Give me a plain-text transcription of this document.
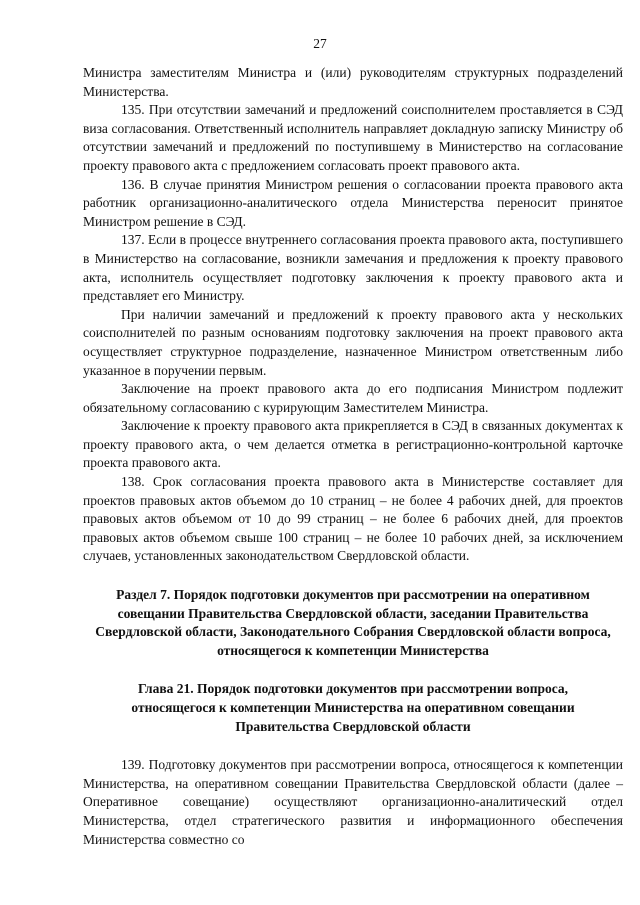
27

Министра заместителям Министра и (или) руководителям структурных подразделений Министерства.

135. При отсутствии замечаний и предложений соисполнителем проставляется в СЭД виза согласования. Ответственный исполнитель направляет докладную записку Министру об отсутствии замечаний и предложений по поступившему в Министерство на согласование проекту правового акта с предложением согласовать проект правового акта.

136. В случае принятия Министром решения о согласовании проекта правового акта работник организационно-аналитического отдела Министерства переносит принятое Министром решение в СЭД.

137. Если в процессе внутреннего согласования проекта правового акта, поступившего в Министерство на согласование, возникли замечания и предложения к проекту правового акта, исполнитель осуществляет подготовку заключения к проекту правового акта и представляет его Министру.

При наличии замечаний и предложений к проекту правового акта у нескольких соисполнителей по разным основаниям подготовку заключения на проект правового акта осуществляет структурное подразделение, назначенное Министром ответственным либо указанное в поручении первым.

Заключение на проект правового акта до его подписания Министром подлежит обязательному согласованию с курирующим Заместителем Министра.

Заключение к проекту правового акта прикрепляется в СЭД в связанных документах к проекту правового акта, о чем делается отметка в регистрационно-контрольной карточке проекта правового акта.

138. Срок согласования проекта правового акта в Министерстве составляет для проектов правовых актов объемом до 10 страниц – не более 4 рабочих дней, для проектов правовых актов объемом от 10 до 99 страниц – не более 6 рабочих дней, для проектов правовых актов объемом свыше 100 страниц – не более 10 рабочих дней, за исключением случаев, установленных законодательством Свердловской области.

Раздел 7. Порядок подготовки документов при рассмотрении на оперативном совещании Правительства Свердловской области, заседании Правительства Свердловской области, Законодательного Собрания Свердловской области вопроса, относящегося к компетенции Министерства
Глава 21. Порядок подготовки документов при рассмотрении вопроса, относящегося к компетенции Министерства на оперативном совещании Правительства Свердловской области

139. Подготовку документов при рассмотрении вопроса, относящегося к компетенции Министерства, на оперативном совещании Правительства Свердловской области (далее – Оперативное совещание) осуществляют организационно-аналитический отдел Министерства, отдел стратегического развития и информационного обеспечения Министерства совместно со
